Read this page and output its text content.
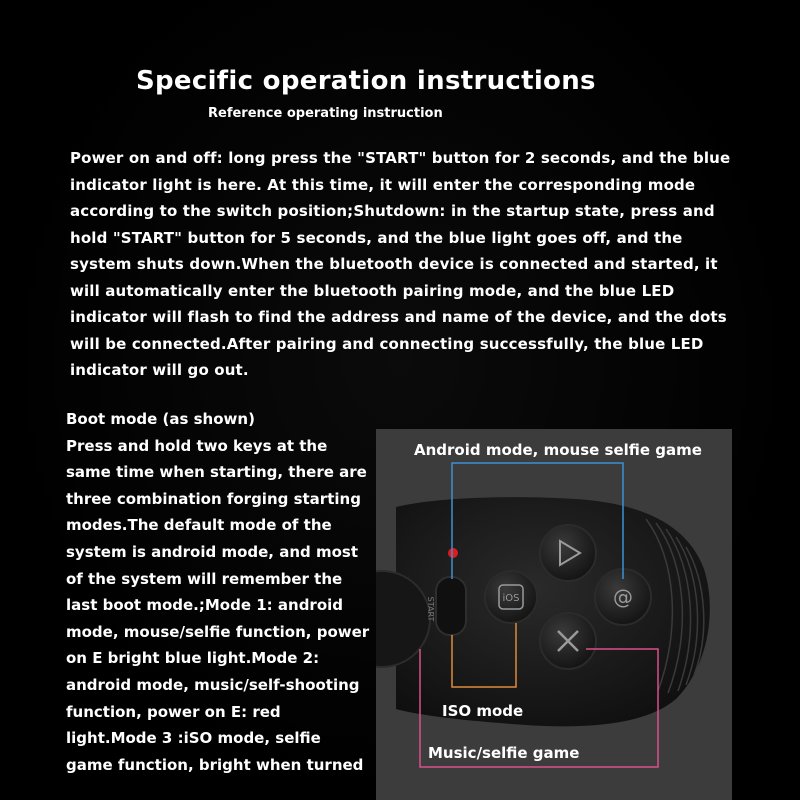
Specific operation instructions
Reference operating instruction

Power on and off: long press the "START" button for 2 seconds, and the blue indicator light is here. At this time, it will enter the corresponding mode according to the switch position;Shutdown: in the startup state, press and hold "START" button for 5 seconds, and the blue light goes off, and the system shuts down.When the bluetooth device is connected and started, it will automatically enter the bluetooth pairing mode, and the blue LED indicator will flash to find the address and name of the device, and the dots will be connected.After pairing and connecting successfully, the blue LED indicator will go out.

Boot mode (as shown)
Press and hold two keys at the same time when starting, there are three combination forging starting modes.The default mode of the system is android mode, and most of the system will remember the last boot mode.;Mode 1: android mode, mouse/selfie function, power on E bright blue light.Mode 2: android mode, music/self-shooting function, power on E: red light.Mode 3 :iSO mode, selfie game function, bright when turned
START	iOS	@
Android mode, mouse selfie game
ISO mode
Music/selfie game
